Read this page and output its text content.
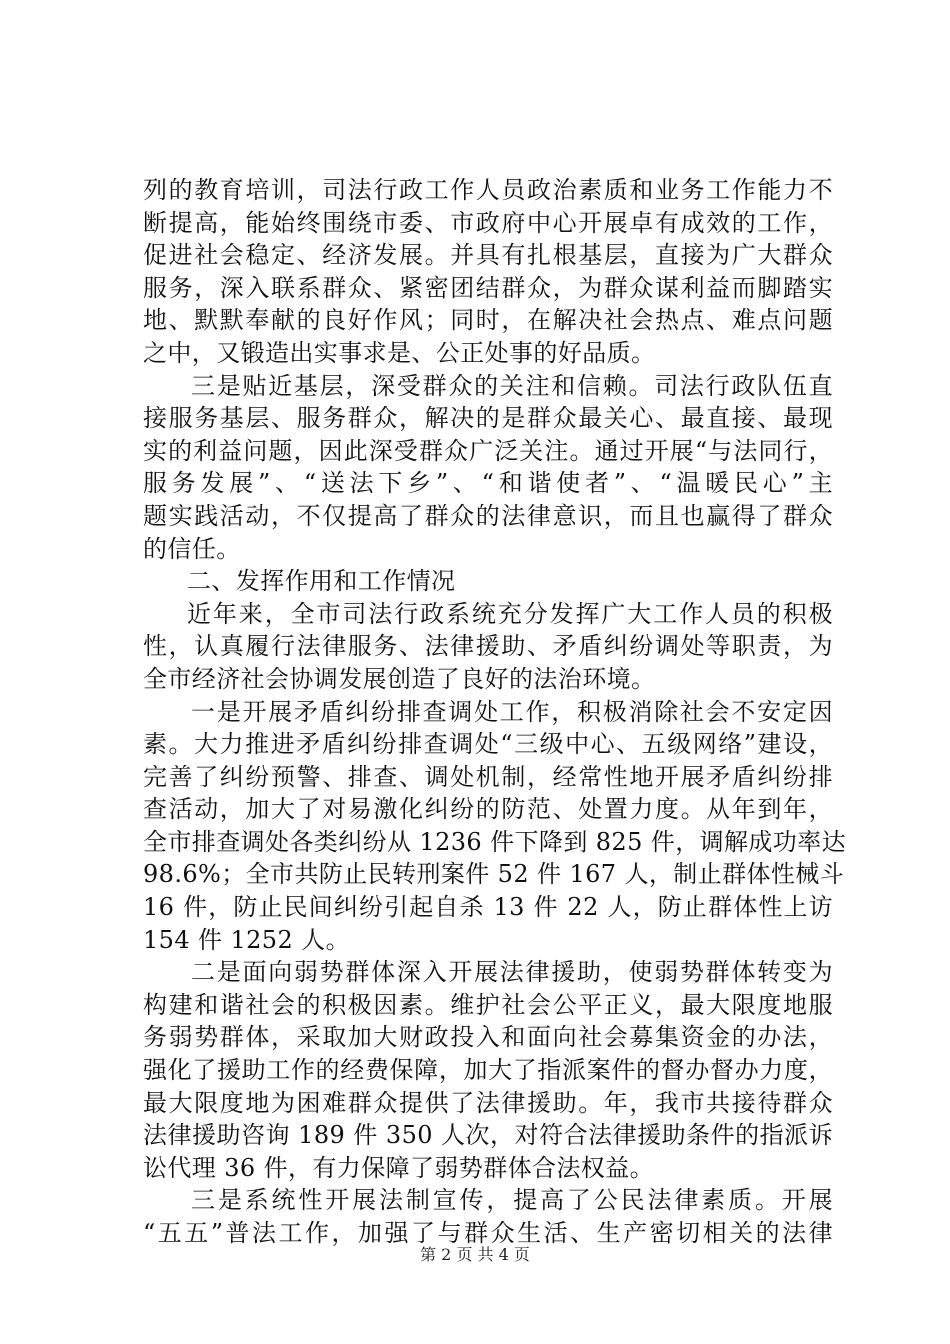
列的教育培训，司法行政工作人员政治素质和业务工作能力不
断提高，能始终围绕市委、市政府中心开展卓有成效的工作，
促进社会稳定、经济发展。并具有扎根基层，直接为广大群众
服务，深入联系群众、紧密团结群众，为群众谋利益而脚踏实
地、默默奉献的良好作风；同时，在解决社会热点、难点问题
之中，又锻造出实事求是、公正处事的好品质。
三是贴近基层，深受群众的关注和信赖。司法行政队伍直
接服务基层、服务群众，解决的是群众最关心、最直接、最现
实的利益问题，因此深受群众广泛关注。通过开展“与法同行，
服务发展”、“送法下乡”、“和谐使者”、“温暖民心”主
题实践活动，不仅提高了群众的法律意识，而且也赢得了群众
的信任。
二、发挥作用和工作情况
近年来，全市司法行政系统充分发挥广大工作人员的积极
性，认真履行法律服务、法律援助、矛盾纠纷调处等职责，为
全市经济社会协调发展创造了良好的法治环境。
一是开展矛盾纠纷排查调处工作，积极消除社会不安定因
素。大力推进矛盾纠纷排查调处“三级中心、五级网络”建设，
完善了纠纷预警、排查、调处机制，经常性地开展矛盾纠纷排
查活动，加大了对易激化纠纷的防范、处置力度。从年到年，
全市排查调处各类纠纷从 1236 件下降到 825 件，调解成功率达
98.6%；全市共防止民转刑案件 52 件 167 人，制止群体性械斗
16 件，防止民间纠纷引起自杀 13 件 22 人，防止群体性上访
154 件 1252 人。
二是面向弱势群体深入开展法律援助，使弱势群体转变为
构建和谐社会的积极因素。维护社会公平正义，最大限度地服
务弱势群体，采取加大财政投入和面向社会募集资金的办法，
强化了援助工作的经费保障，加大了指派案件的督办督办力度，
最大限度地为困难群众提供了法律援助。年，我市共接待群众
法律援助咨询 189 件 350 人次，对符合法律援助条件的指派诉
讼代理 36 件，有力保障了弱势群体合法权益。
三是系统性开展法制宣传，提高了公民法律素质。开展
“五五”普法工作，加强了与群众生活、生产密切相关的法律
第 2 页 共 4 页
